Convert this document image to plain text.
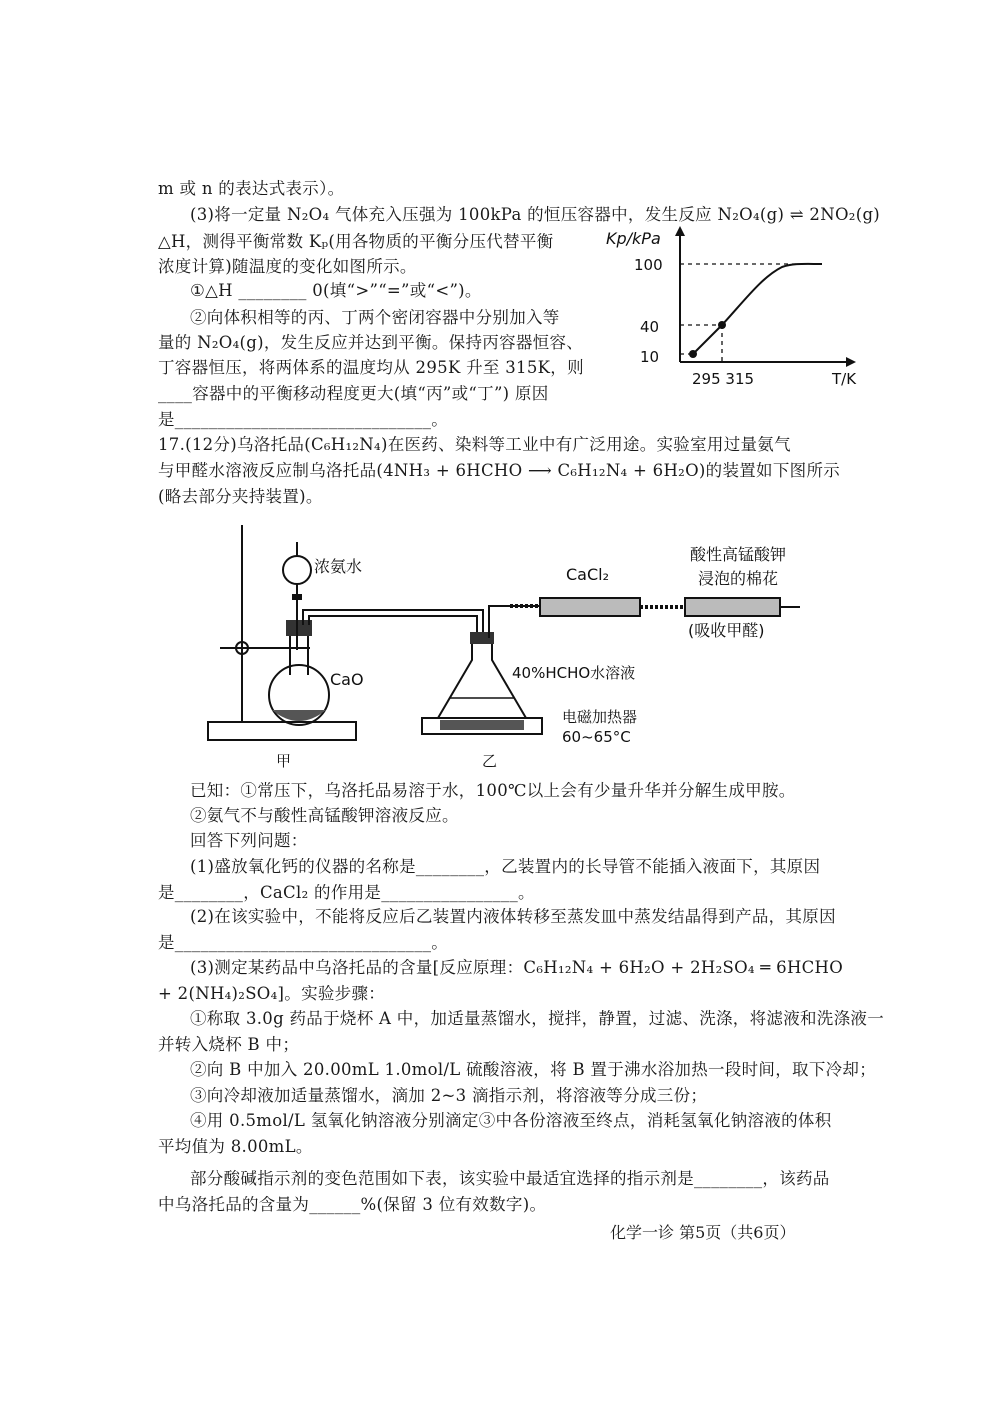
m 或 n 的表达式表示）。
(3)将一定量 N₂O₄ 气体充入压强为 100kPa 的恒压容器中，发生反应 N₂O₄(g) ⇌ 2NO₂(g)
△H，测得平衡常数 Kₚ(用各物质的平衡分压代替平衡
浓度计算)随温度的变化如图所示。
①△H ________ 0(填“>”“=”或“<”)。
②向体积相等的丙、丁两个密闭容器中分别加入等
量的 N₂O₄(g)，发生反应并达到平衡。保持丙容器恒容、
丁容器恒压，将两体系的温度均从 295K 升至 315K，则
____容器中的平衡移动程度更大(填“丙”或“丁”) 原因
是______________________________。
Kp/kPa
T/K
100
40
10
295 315
17.(12分)乌洛托品(C₆H₁₂N₄)在医药、染料等工业中有广泛用途。实验室用过量氨气
与甲醛水溶液反应制乌洛托品(4NH₃ + 6HCHO ⟶ C₆H₁₂N₄ + 6H₂O)的装置如下图所示
(略去部分夹持装置)。
浓氨水
CaO
CaCl₂
酸性高锰酸钾
浸泡的棉花
(吸收甲醛)
40%HCHO水溶液
电磁加热器
60~65°C
甲	乙
已知：①常压下，乌洛托品易溶于水，100℃以上会有少量升华并分解生成甲胺。
②氨气不与酸性高锰酸钾溶液反应。
回答下列问题：
(1)盛放氧化钙的仪器的名称是________，乙装置内的长导管不能插入液面下，其原因
是________，CaCl₂ 的作用是________________。
(2)在该实验中，不能将反应后乙装置内液体转移至蒸发皿中蒸发结晶得到产品，其原因
是______________________________。
(3)测定某药品中乌洛托品的含量[反应原理：C₆H₁₂N₄ + 6H₂O + 2H₂SO₄ ═ 6HCHO
+ 2(NH₄)₂SO₄]。实验步骤：
①称取 3.0g 药品于烧杯 A 中，加适量蒸馏水，搅拌，静置，过滤、洗涤，将滤液和洗涤液一
并转入烧杯 B 中；
②向 B 中加入 20.00mL 1.0mol/L 硫酸溶液，将 B 置于沸水浴加热一段时间，取下冷却；
③向冷却液加适量蒸馏水，滴加 2~3 滴指示剂，将溶液等分成三份；
④用 0.5mol/L 氢氧化钠溶液分别滴定③中各份溶液至终点，消耗氢氧化钠溶液的体积
平均值为 8.00mL。
部分酸碱指示剂的变色范围如下表，该实验中最适宜选择的指示剂是________，该药品
中乌洛托品的含量为______%(保留 3 位有效数字)。
化学一诊 第5页（共6页）
